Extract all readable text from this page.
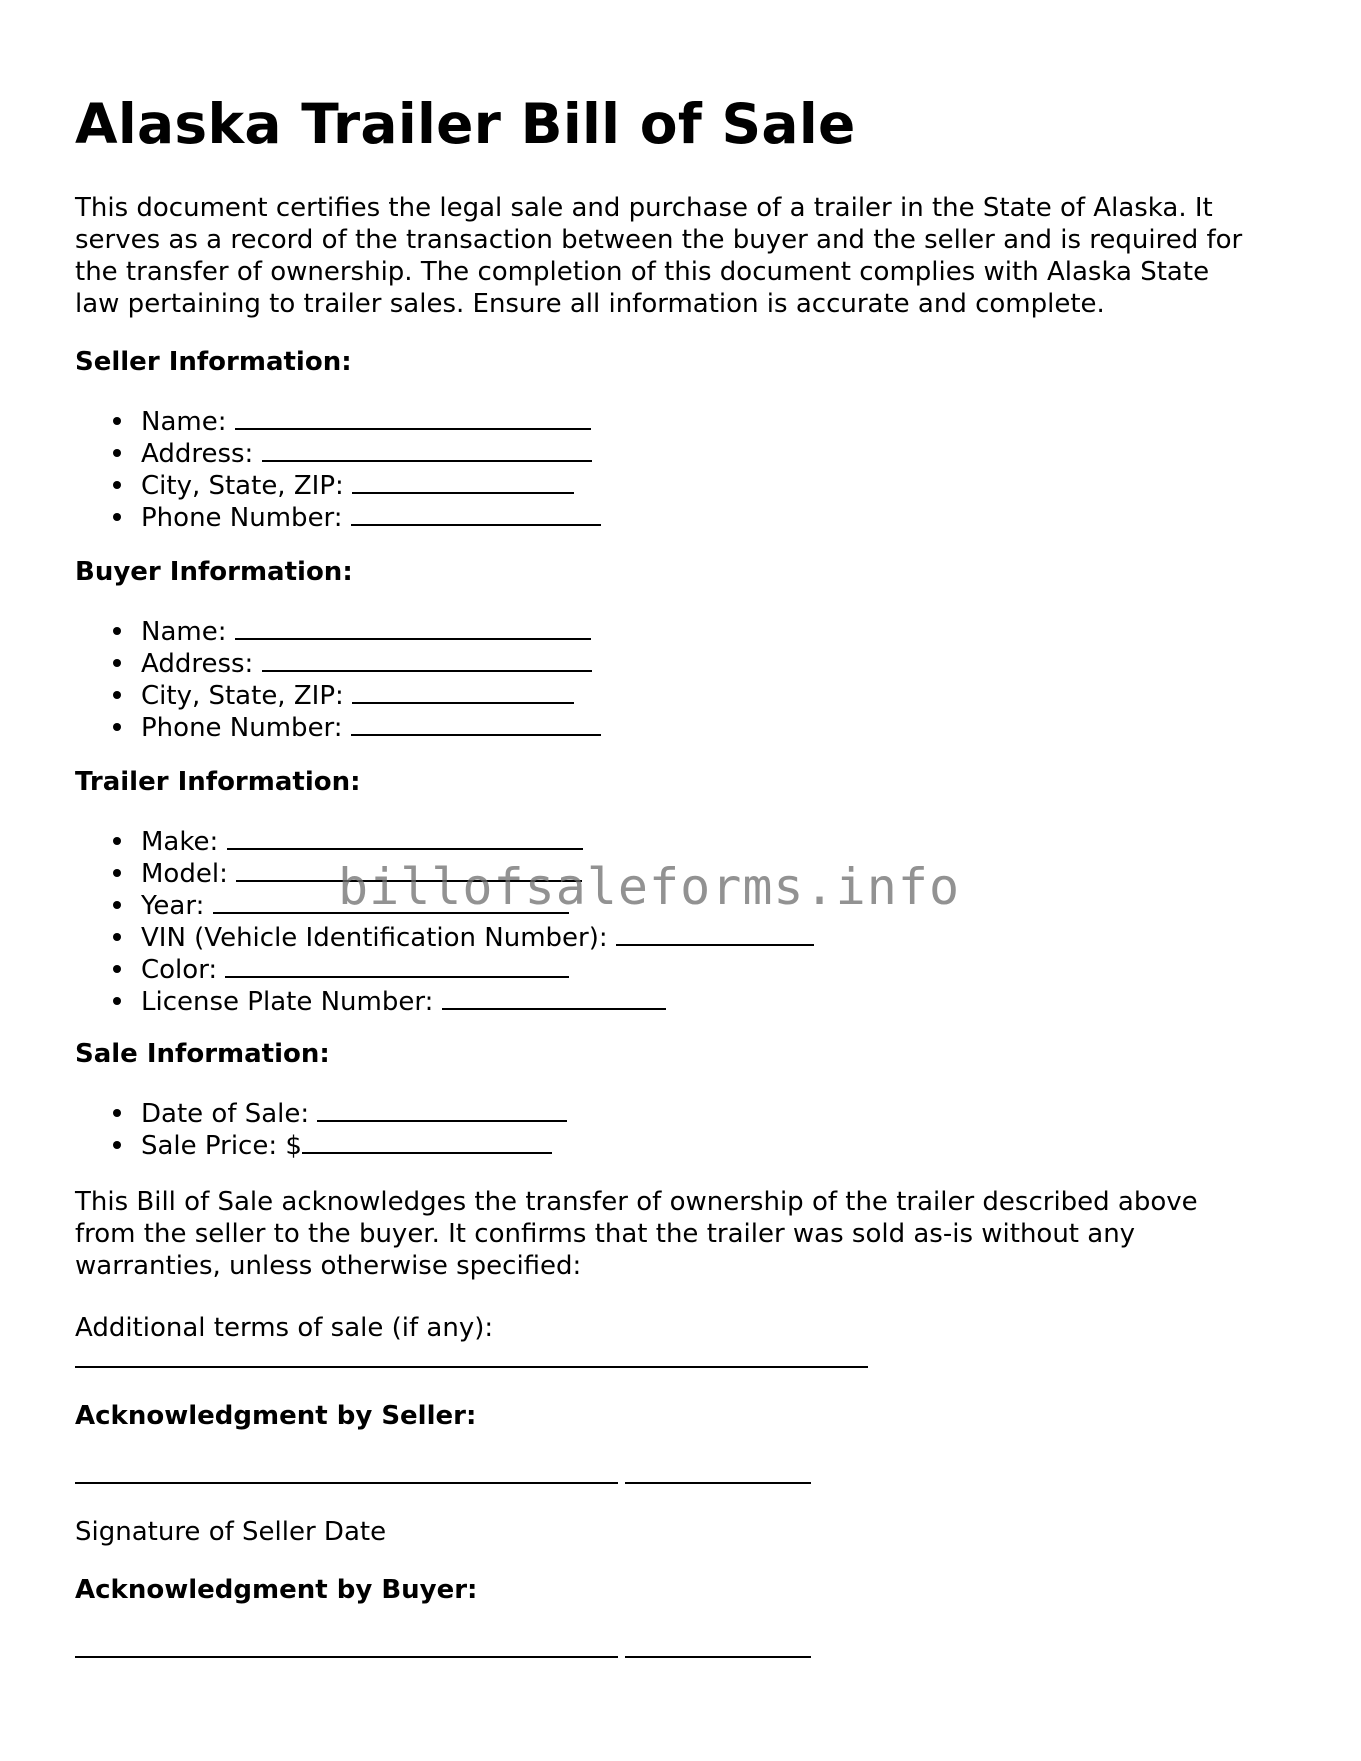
Alaska Trailer Bill of Sale
This document certifies the legal sale and purchase of a trailer in the State of Alaska. It
serves as a record of the transaction between the buyer and the seller and is required for
the transfer of ownership. The completion of this document complies with Alaska State
law pertaining to trailer sales. Ensure all information is accurate and complete.
Seller Information:
Name:
Address:
City, State, ZIP:
Phone Number:
Buyer Information:
Name:
Address:
City, State, ZIP:
Phone Number:
Trailer Information:
Make:
Model:
Year:
VIN (Vehicle Identification Number):
Color:
License Plate Number:
Sale Information:
Date of Sale:
Sale Price: $
This Bill of Sale acknowledges the transfer of ownership of the trailer described above
from the seller to the buyer. It confirms that the trailer was sold as-is without any
warranties, unless otherwise specified:
Additional terms of sale (if any):
Acknowledgment by Seller:
Signature of Seller Date
Acknowledgment by Buyer:
billofsaleforms.info
